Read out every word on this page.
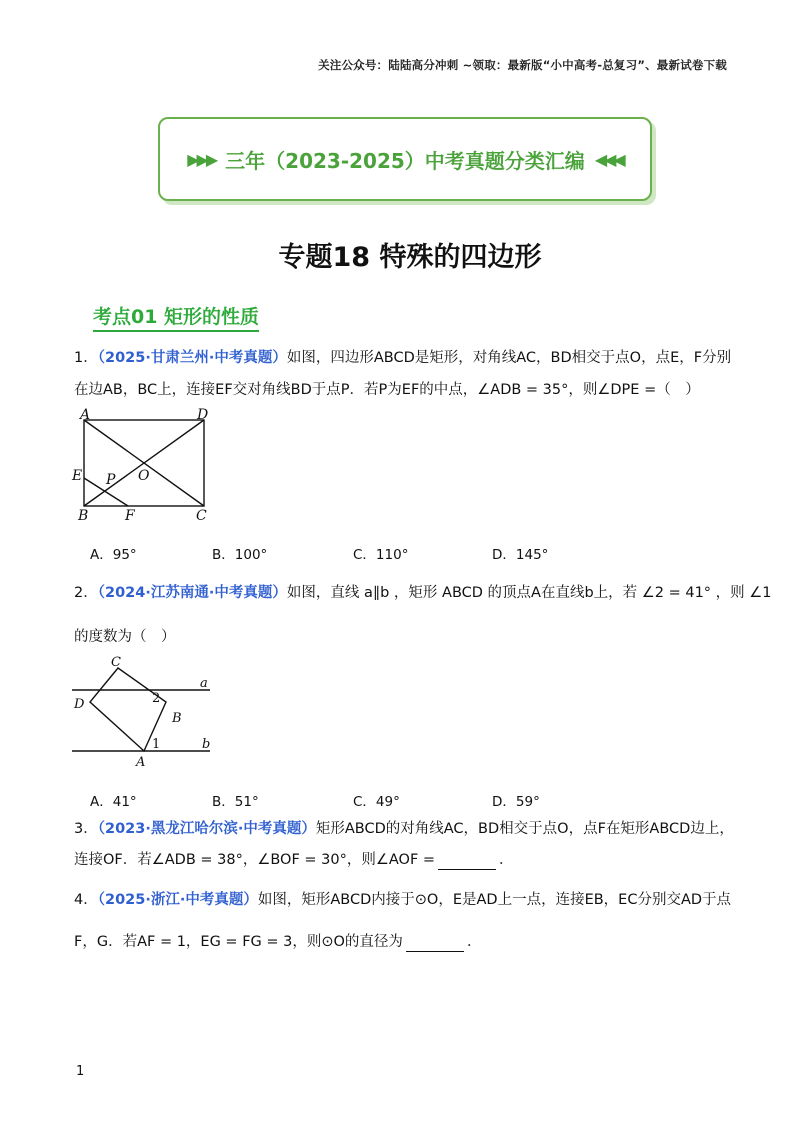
关注公众号：陆陆高分冲刺 ~领取：最新版“小中高考-总复习”、最新试卷下载
▶▶▶ 三年（2023-2025）中考真题分类汇编 ◀◀◀
专题18 特殊的四边形
考点01 矩形的性质
1．（2025·甘肃兰州·中考真题）如图，四边形ABCD是矩形，对角线AC，BD相交于点O，点E，F分别
在边AB，BC上，连接EF交对角线BD于点P．若P为EF的中点，∠ADB = 35°，则∠DPE =（　）
A	D
E P O
B	F	C
A．95°	B．100°	C．110°	D．145°
2．（2024·江苏南通·中考真题）如图，直线 a∥b ，矩形 ABCD 的顶点A在直线b上，若 ∠2 = 41° ，则 ∠1
的度数为（　）
C
a
2
D
B
1	b
A
A．41°	B．51°	C．49°	D．59°
3．（2023·黑龙江哈尔滨·中考真题）矩形ABCD的对角线AC，BD相交于点O，点F在矩形ABCD边上，
连接OF．若∠ADB = 38°，∠BOF = 30°，则∠AOF =	．
4．（2025·浙江·中考真题）如图，矩形ABCD内接于⊙O，E是AD上一点，连接EB，EC分别交AD于点
F，G．若AF = 1，EG = FG = 3，则⊙O的直径为	．
1
